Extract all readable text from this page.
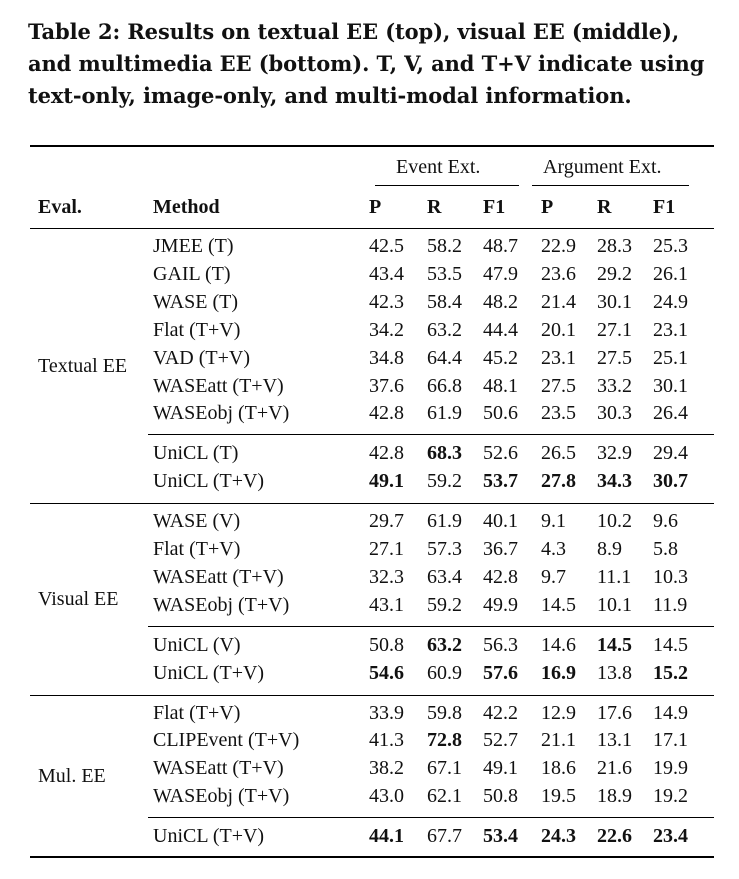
Table 2: Results on textual EE (top), visual EE (middle), and multimedia EE (bottom). T, V, and T+V indicate using text-only, image-only, and multi-modal information.
Event Ext.	Argument Ext.
Eval.	Method	P R F1 P R F1
JMEE (T)	42.5 58.2 48.7 22.9 28.3 25.3
GAIL (T)	43.4 53.5 47.9 23.6 29.2 26.1
WASE (T)	42.3 58.4 48.2 21.4 30.1 24.9
Flat (T+V)	34.2 63.2 44.4 20.1 27.1 23.1
VAD (T+V)	34.8 64.4 45.2 23.1 27.5 25.1
WASEatt (T+V)	37.6 66.8 48.1 27.5 33.2 30.1
WASEobj (T+V)	42.8 61.9 50.6 23.5 30.3 26.4
UniCL (T)	42.8 68.3 52.6 26.5 32.9 29.4
UniCL (T+V)	49.1 59.2 53.7 27.8 34.3 30.7
Textual EE
WASE (V)	29.7 61.9 40.1 9.1 10.2 9.6
Flat (T+V)	27.1 57.3 36.7 4.3 8.9 5.8
WASEatt (T+V)	32.3 63.4 42.8 9.7 11.1 10.3
WASEobj (T+V)	43.1 59.2 49.9 14.5 10.1 11.9
UniCL (V)	50.8 63.2 56.3 14.6 14.5 14.5
UniCL (T+V)	54.6 60.9 57.6 16.9 13.8 15.2
Visual EE
Flat (T+V)	33.9 59.8 42.2 12.9 17.6 14.9
CLIPEvent (T+V)	41.3 72.8 52.7 21.1 13.1 17.1
WASEatt (T+V)	38.2 67.1 49.1 18.6 21.6 19.9
WASEobj (T+V)	43.0 62.1 50.8 19.5 18.9 19.2
UniCL (T+V)	44.1 67.7 53.4 24.3 22.6 23.4
Mul. EE
